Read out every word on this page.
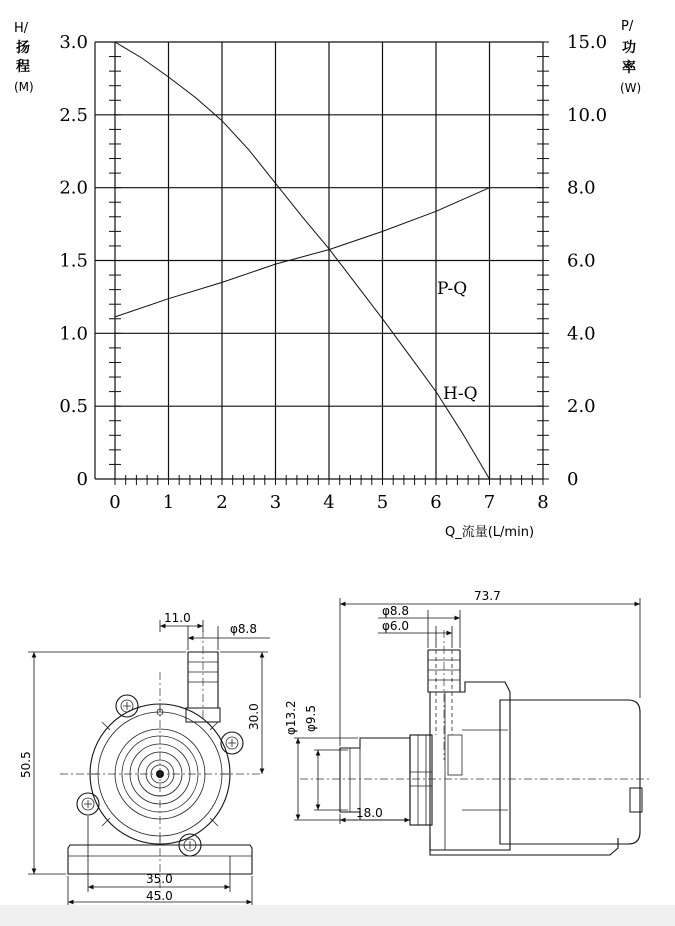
0
0.5
1.0
1.5
2.0
2.5
3.0
0
2.0
4.0
6.0
8.0
10.0
15.0
0 1 2 3 4 5 6 7 8
H/
扬
程
(M)
P/
功
率
(W)
Q_流量(L/min)
P-Q
H-Q
11.0
φ8.8
30.0
50.5
35.0
45.0
73.7
φ8.8
φ6.0
φ13.2 φ9.5
18.0
